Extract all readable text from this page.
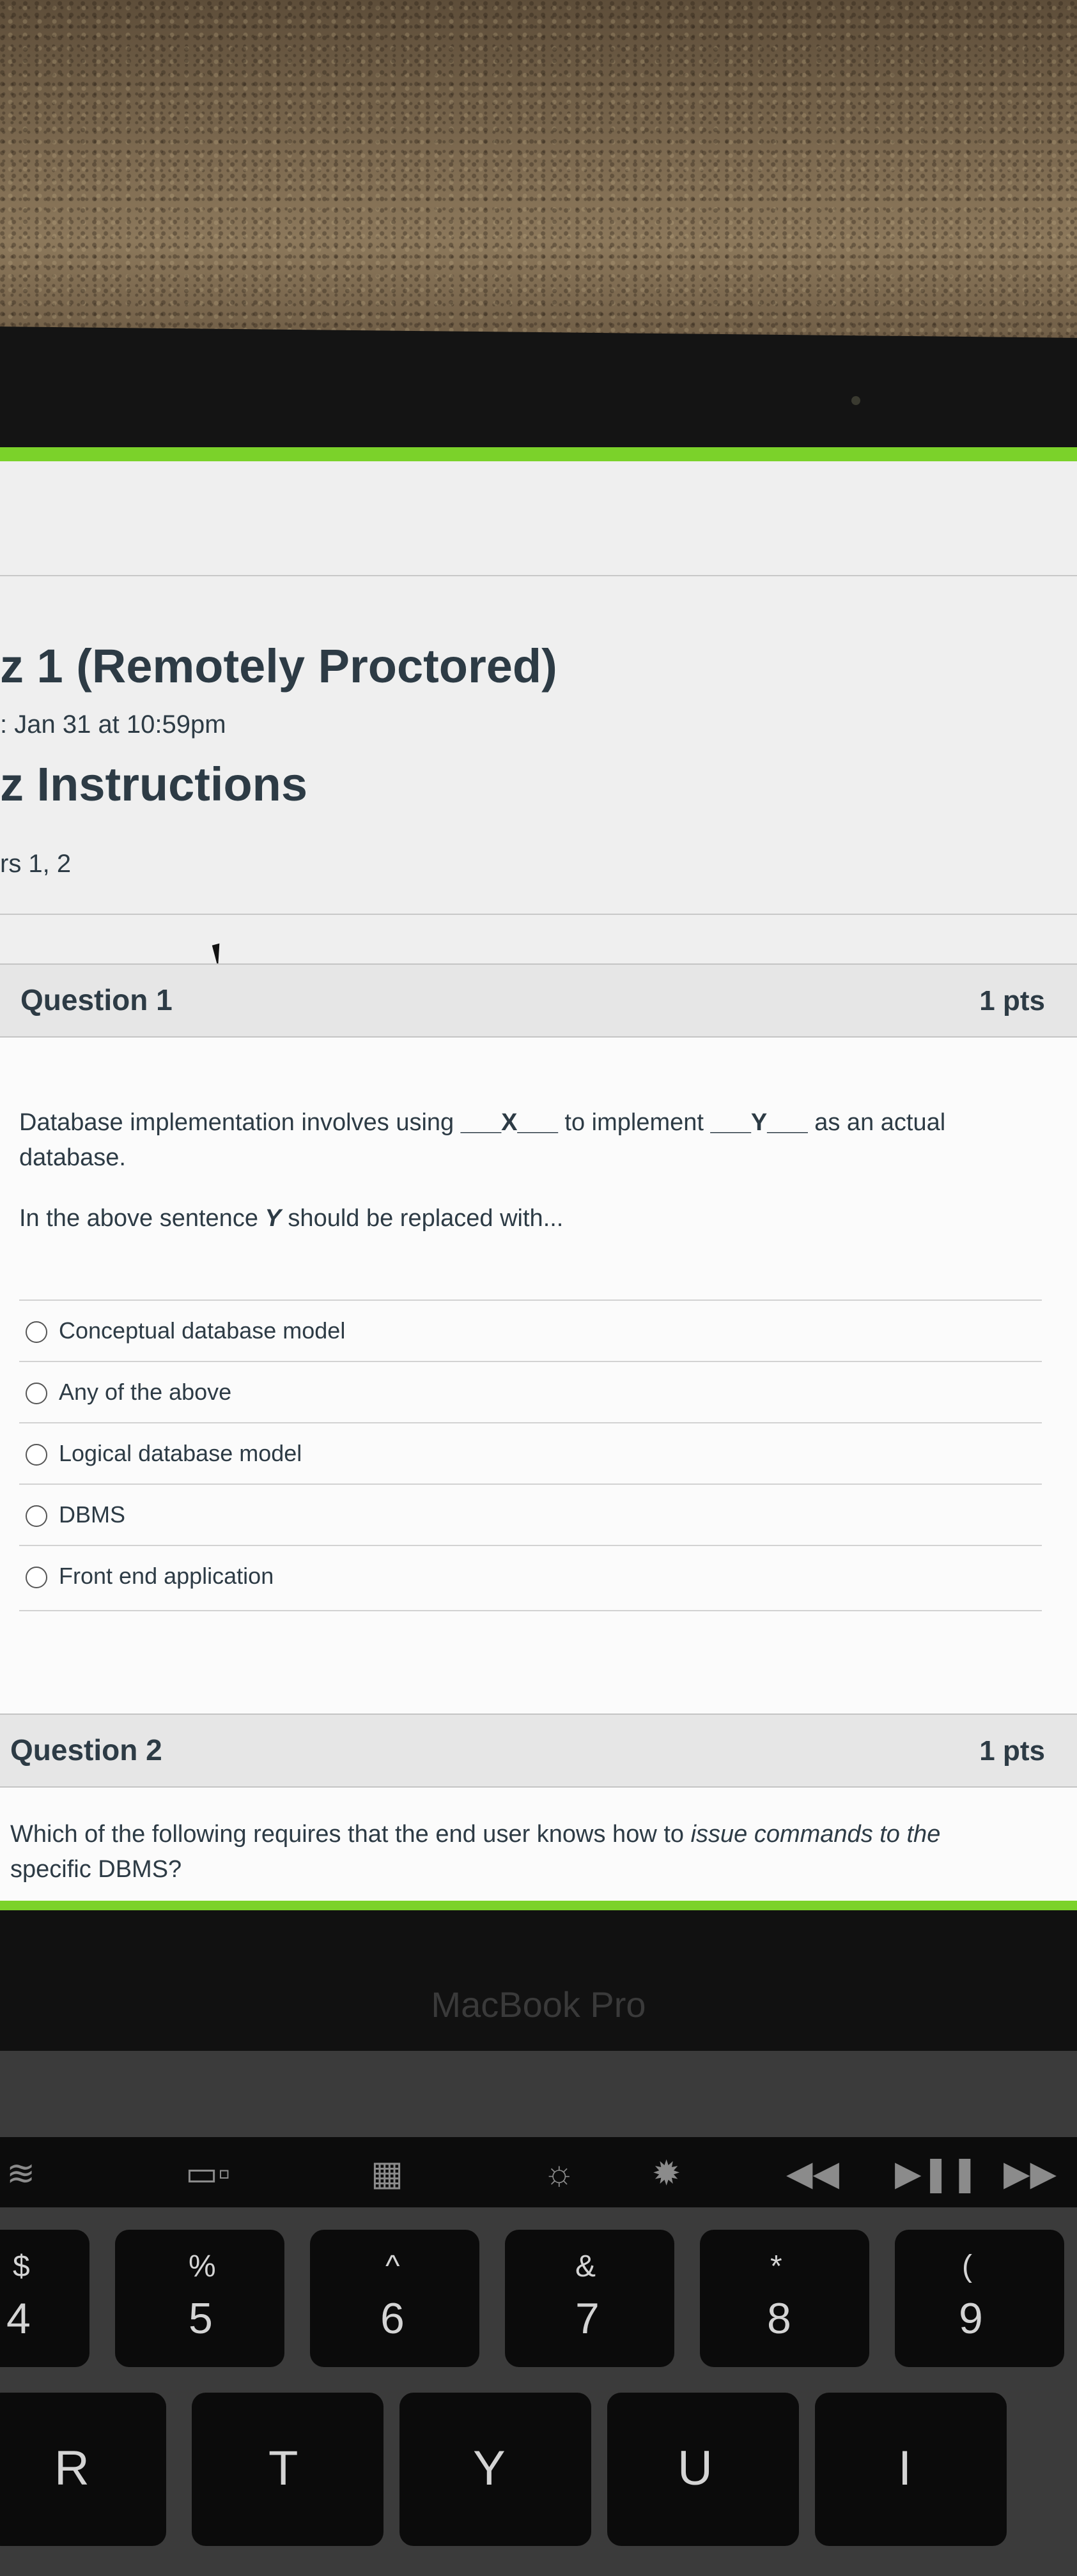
z 1 (Remotely Proctored)
: Jan 31 at 10:59pm
z Instructions
rs 1, 2
Question 1	1 pts
Database implementation involves using ___X___ to implement ___Y___ as an actual database.
In the above sentence Y should be replaced with...
Conceptual database model
Any of the above
Logical database model
DBMS
Front end application
Question 2	1 pts
Which of the following requires that the end user knows how to issue commands to the
specific DBMS?
MacBook Pro
≋	▭▫	▦	☼ ✹	◀◀ ▶❚❚ ▶▶
$
4
%
5
^
6
&
7
*
8
(
9
R	T	Y	U	I
